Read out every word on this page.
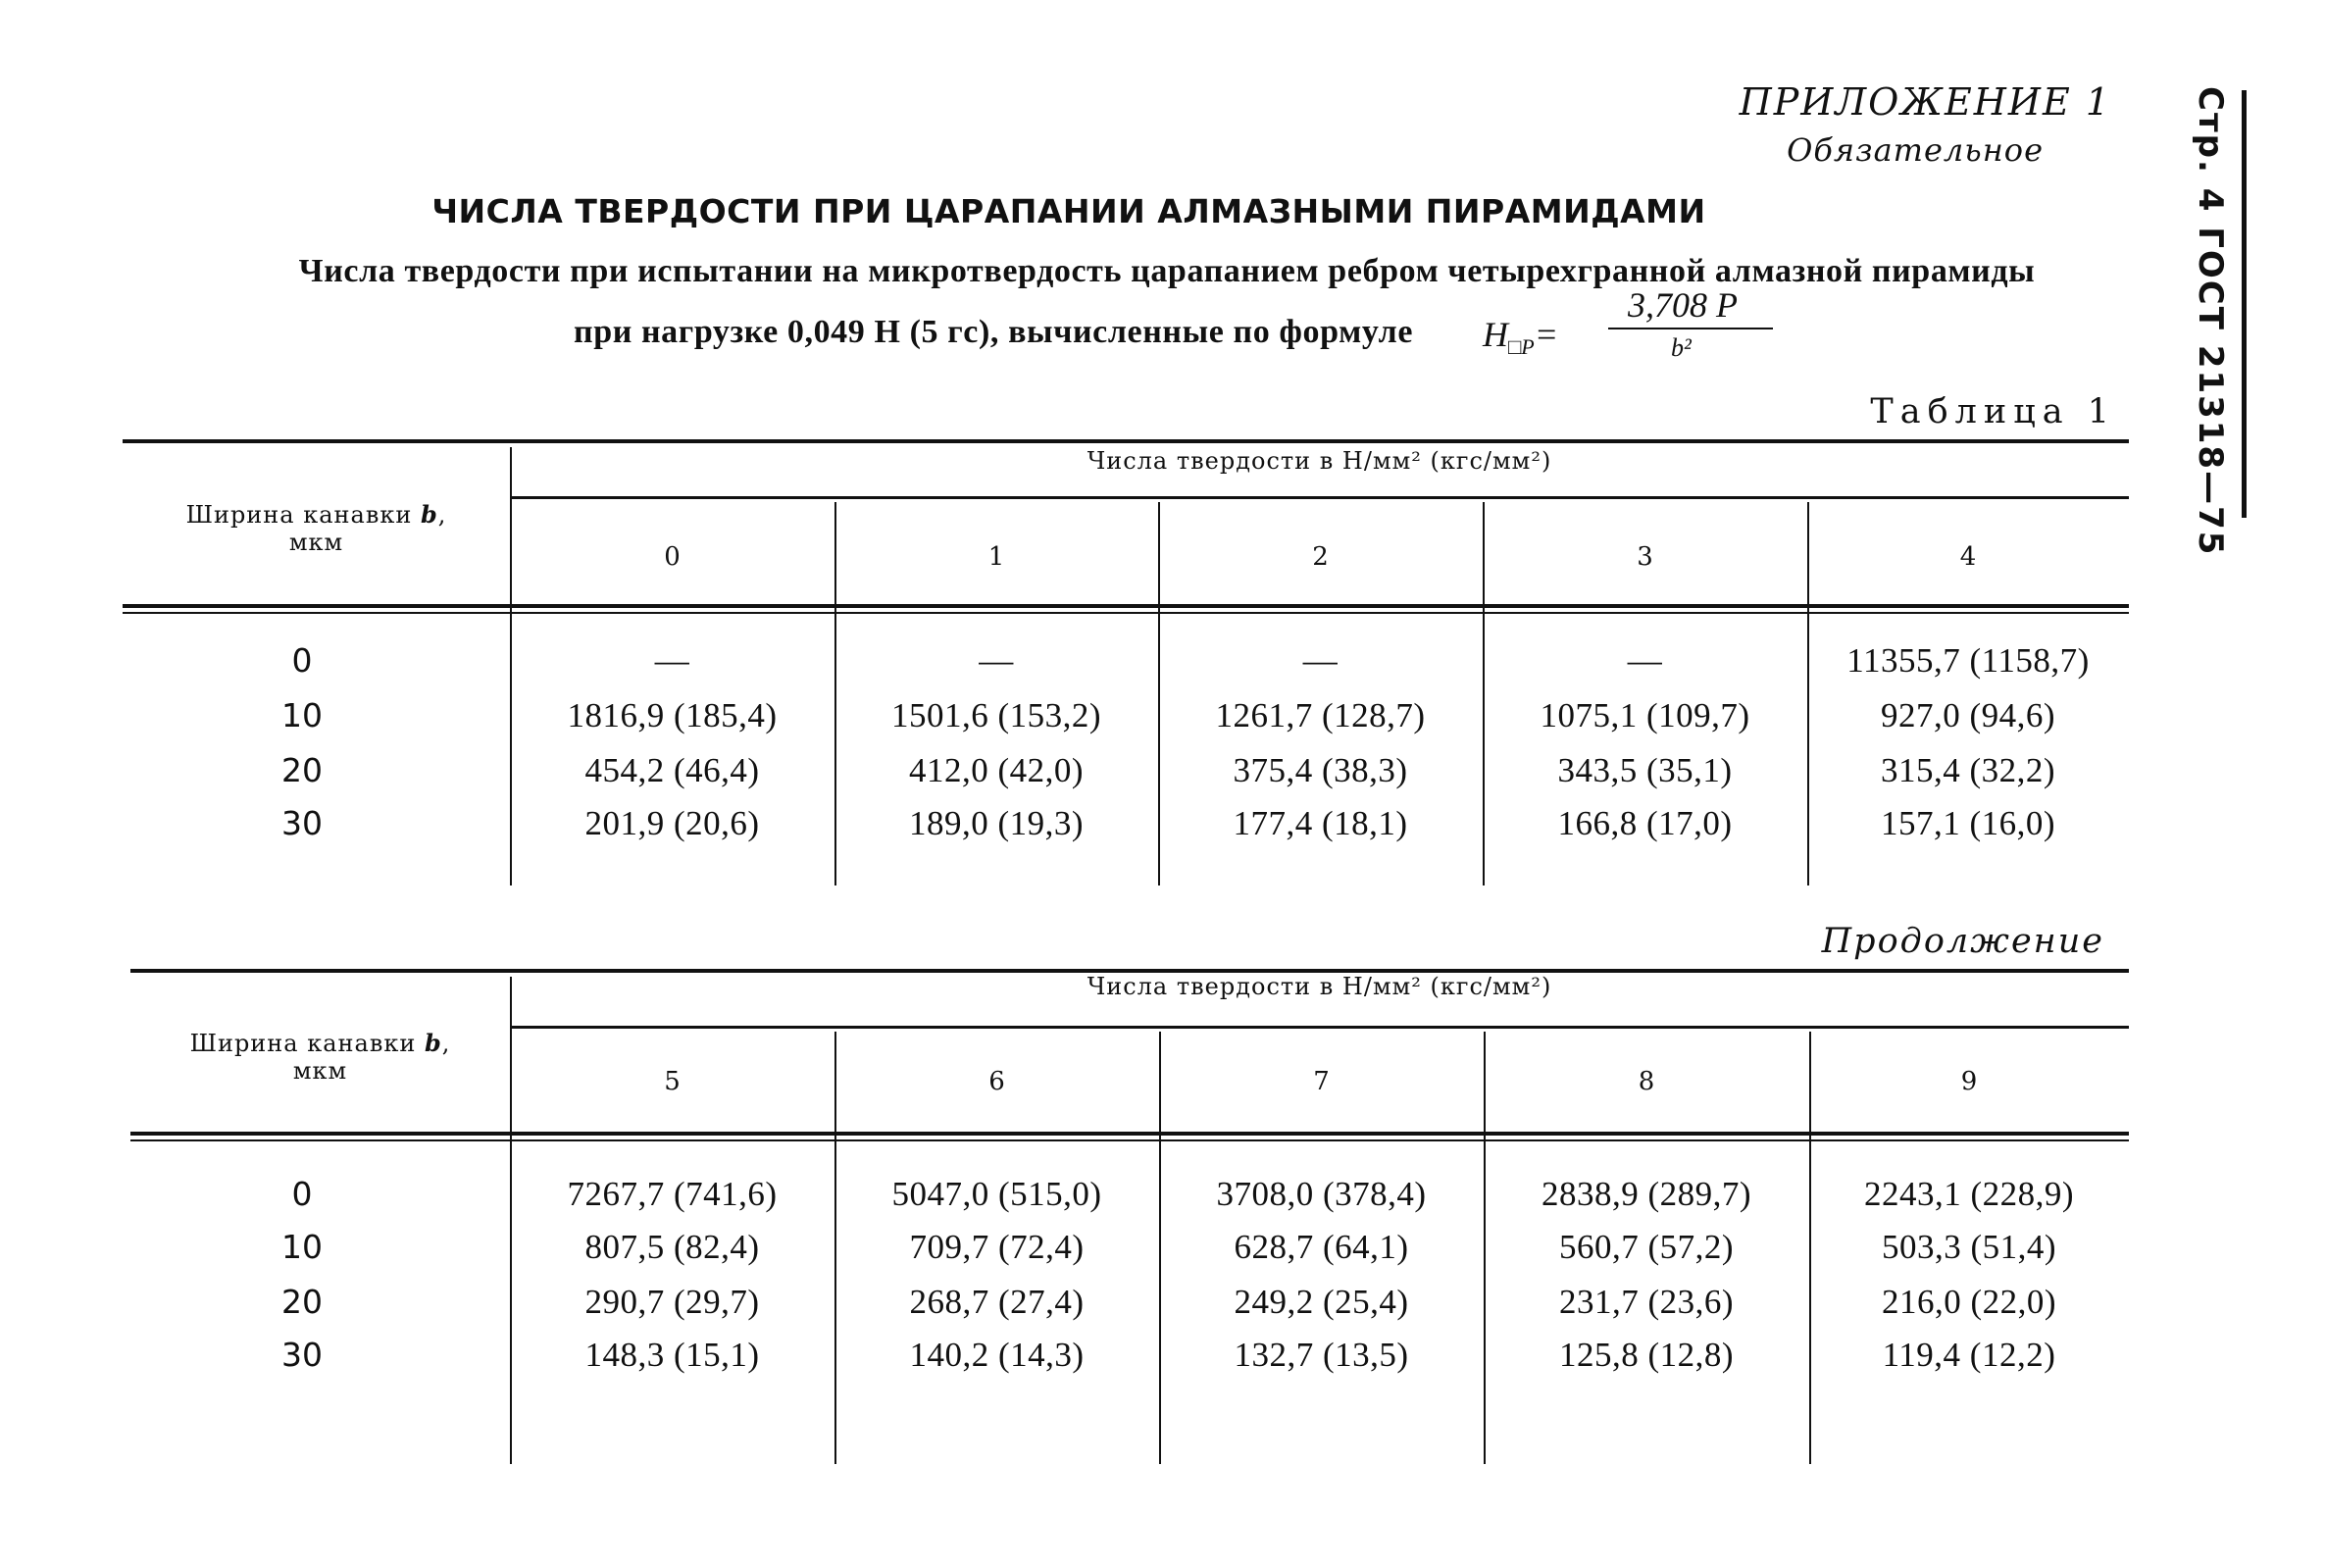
ПРИЛОЖЕНИЕ 1
Обязательное	Стр. 4 ГОСТ 21318—75
ЧИСЛА ТВЕРДОСТИ ПРИ ЦАРАПАНИИ АЛМАЗНЫМИ ПИРАМИДАМИ
Числа твердости при испытании на микротвердость царапанием ребром четырехгранной алмазной пирамиды
при нагрузке 0,049 Н (5 гс), вычисленные по формуле $H_{□P}=$
3,708 P
b²
Таблица 1
Продолжение
Ширина канавки b,
мкм
Числа твердости в Н/мм² (кгс/мм²)
0	1	2	3	4
0	—	—	—	—	11355,7 (1158,7)
10	1816,9 (185,4)	1501,6 (153,2)	1261,7 (128,7)	1075,1 (109,7)	927,0 (94,6)
20	454,2 (46,4)	412,0 (42,0)	375,4 (38,3)	343,5 (35,1)	315,4 (32,2)
30	201,9 (20,6)	189,0 (19,3)	177,4 (18,1)	166,8 (17,0)	157,1 (16,0)
Ширина канавки b,
мкм
Числа твердости в Н/мм² (кгс/мм²)
5	6	7	8	9
0	7267,7 (741,6)	5047,0 (515,0)	3708,0 (378,4)	2838,9 (289,7)	2243,1 (228,9)
10	807,5 (82,4)	709,7 (72,4)	628,7 (64,1)	560,7 (57,2)	503,3 (51,4)
20	290,7 (29,7)	268,7 (27,4)	249,2 (25,4)	231,7 (23,6)	216,0 (22,0)
30	148,3 (15,1)	140,2 (14,3)	132,7 (13,5)	125,8 (12,8)	119,4 (12,2)
